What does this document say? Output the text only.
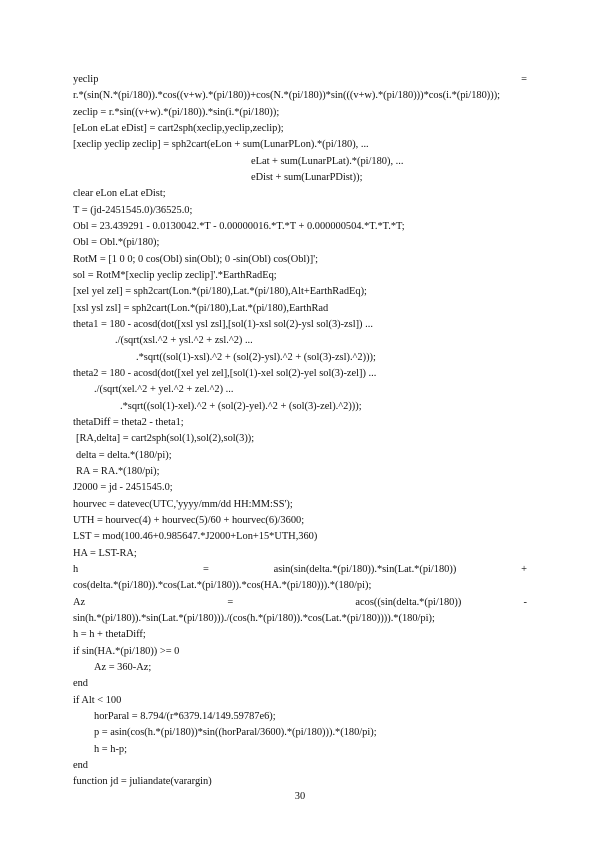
yeclip	=
r.*(sin(N.*(pi/180)).*cos((v+w).*(pi/180))+cos(N.*(pi/180))*sin(((v+w).*(pi/180)))*cos(i.*(pi/180)));
zeclip = r.*sin((v+w).*(pi/180)).*sin(i.*(pi/180));
[eLon eLat eDist] = cart2sph(xeclip,yeclip,zeclip);
[xeclip yeclip zeclip] = sph2cart(eLon + sum(LunarPLon).*(pi/180), ...
eLat + sum(LunarPLat).*(pi/180), ...
eDist + sum(LunarPDist));
clear eLon eLat eDist;
T = (jd-2451545.0)/36525.0;
Obl = 23.439291 - 0.0130042.*T - 0.00000016.*T.*T + 0.000000504.*T.*T.*T;
Obl = Obl.*(pi/180);
RotM = [1 0 0; 0 cos(Obl) sin(Obl); 0 -sin(Obl) cos(Obl)]';
sol = RotM*[xeclip yeclip zeclip]'.*EarthRadEq;
[xel yel zel] = sph2cart(Lon.*(pi/180),Lat.*(pi/180),Alt+EarthRadEq);
[xsl ysl zsl] = sph2cart(Lon.*(pi/180),Lat.*(pi/180),EarthRad
theta1 = 180 - acosd(dot([xsl ysl zsl],[sol(1)-xsl sol(2)-ysl sol(3)-zsl]) ...
./(sqrt(xsl.^2 + ysl.^2 + zsl.^2) ...
.*sqrt((sol(1)-xsl).^2 + (sol(2)-ysl).^2 + (sol(3)-zsl).^2)));
theta2 = 180 - acosd(dot([xel yel zel],[sol(1)-xel sol(2)-yel sol(3)-zel]) ...
./(sqrt(xel.^2 + yel.^2 + zel.^2) ...
.*sqrt((sol(1)-xel).^2 + (sol(2)-yel).^2 + (sol(3)-zel).^2)));
thetaDiff = theta2 - theta1;
[RA,delta] = cart2sph(sol(1),sol(2),sol(3));
delta = delta.*(180/pi);
RA = RA.*(180/pi);
J2000 = jd - 2451545.0;
hourvec = datevec(UTC,'yyyy/mm/dd HH:MM:SS');
UTH = hourvec(4) + hourvec(5)/60 + hourvec(6)/3600;
LST = mod(100.46+0.985647.*J2000+Lon+15*UTH,360)
HA = LST-RA;
h	=	asin(sin(delta.*(pi/180)).*sin(Lat.*(pi/180))	+
cos(delta.*(pi/180)).*cos(Lat.*(pi/180)).*cos(HA.*(pi/180))).*(180/pi);
Az	=	acos((sin(delta.*(pi/180))	-
sin(h.*(pi/180)).*sin(Lat.*(pi/180)))./(cos(h.*(pi/180)).*cos(Lat.*(pi/180)))).*(180/pi);
h = h + thetaDiff;
if sin(HA.*(pi/180)) >= 0
Az = 360-Az;
end
if Alt < 100
horParal = 8.794/(r*6379.14/149.59787e6);
p = asin(cos(h.*(pi/180))*sin((horParal/3600).*(pi/180))).*(180/pi);
h = h-p;
end
function jd = juliandate(varargin)
30
